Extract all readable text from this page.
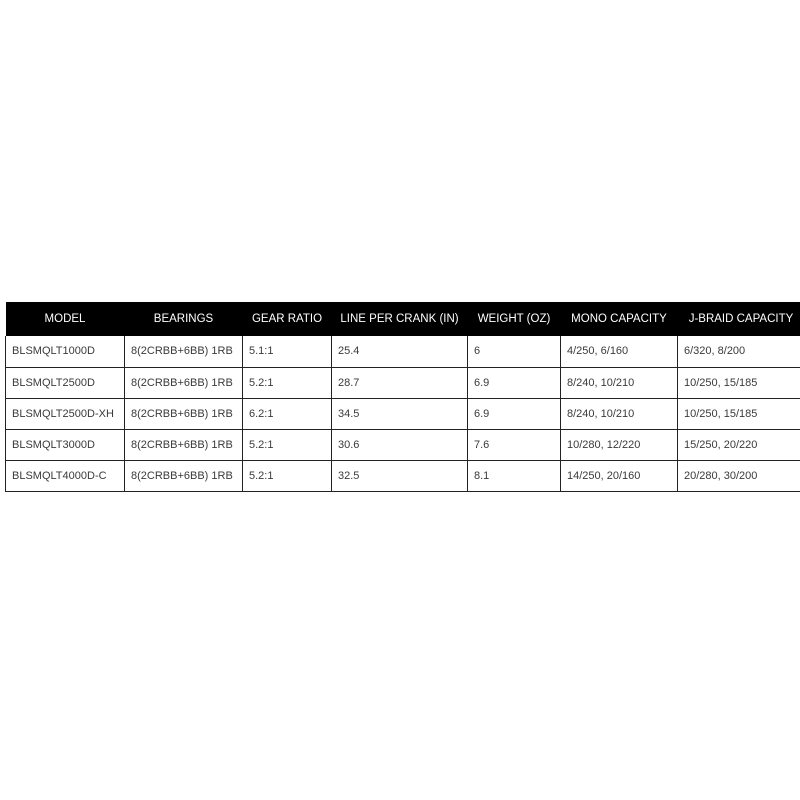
MODEL	BEARINGS	GEAR RATIO	LINE PER CRANK (IN)	WEIGHT (OZ)	MONO CAPACITY	J-BRAID CAPACITY	
BLSMQLT1000D	8(2CRBB+6BB) 1RB	5.1:1	25.4	6	4/250, 6/160	6/320, 8/200	
BLSMQLT2500D	8(2CRBB+6BB) 1RB	5.2:1	28.7	6.9	8/240, 10/210	10/250, 15/185	
BLSMQLT2500D-XH	8(2CRBB+6BB) 1RB	6.2:1	34.5	6.9	8/240, 10/210	10/250, 15/185	
BLSMQLT3000D	8(2CRBB+6BB) 1RB	5.2:1	30.6	7.6	10/280, 12/220	15/250, 20/220	
BLSMQLT4000D-C	8(2CRBB+6BB) 1RB	5.2:1	32.5	8.1	14/250, 20/160	20/280, 30/200	
